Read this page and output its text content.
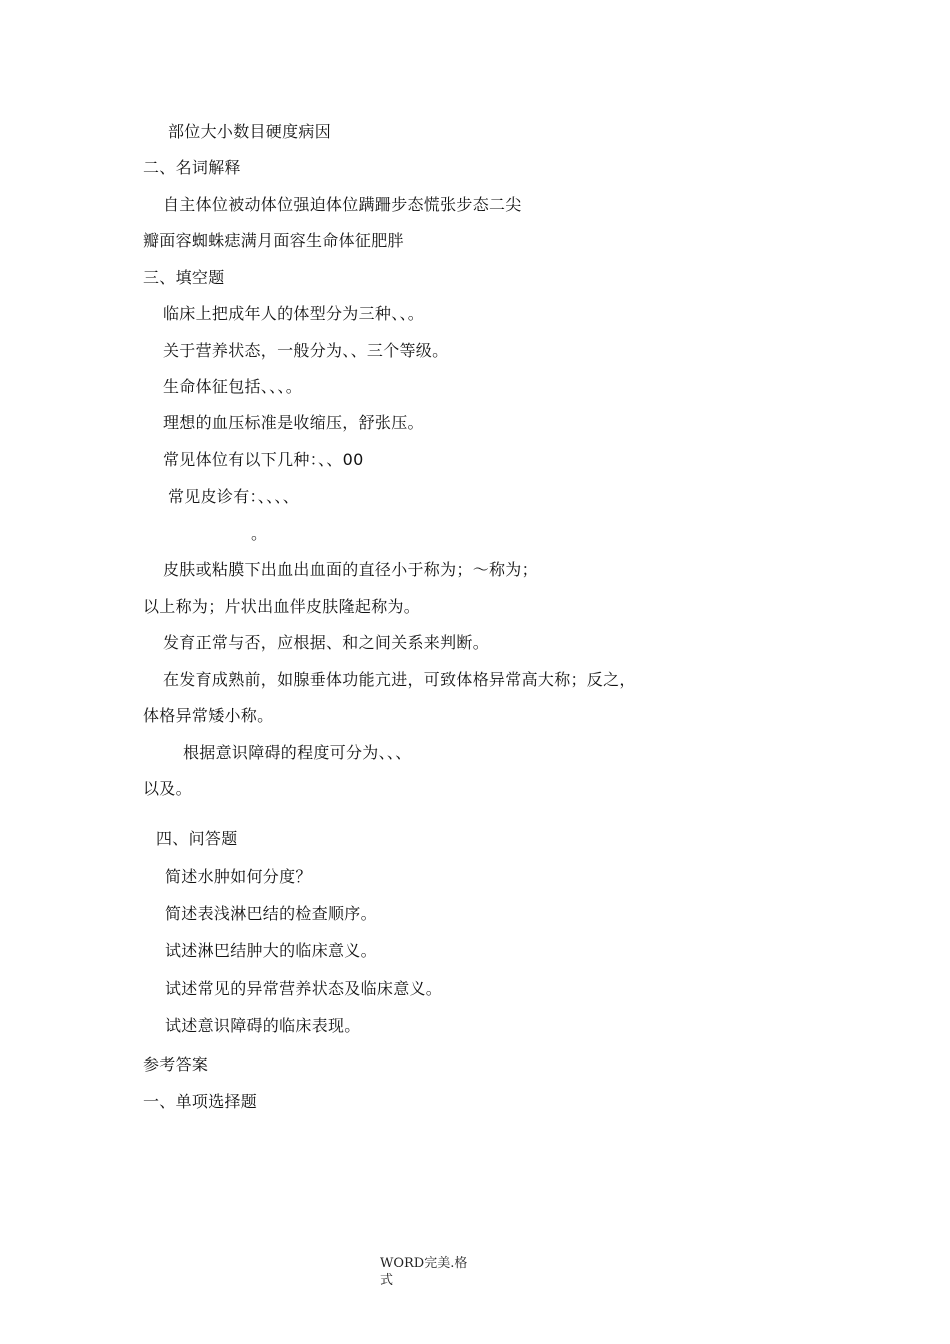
部位大小数目硬度病因
二、名词解释
自主体位被动体位强迫体位蹒跚步态慌张步态二尖
瓣面容蜘蛛痣满月面容生命体征肥胖
三、填空题
临床上把成年人的体型分为三种、、。
关于营养状态，一般分为、、三个等级。
生命体征包括、、、。
理想的血压标准是收缩压，舒张压。
常见体位有以下几种：、、00
常见皮诊有：、、、、
。
皮肤或粘膜下出血出血面的直径小于称为；〜称为；
以上称为；片状出血伴皮肤隆起称为。
发育正常与否，应根据、和之间关系来判断。
在发育成熟前，如腺垂体功能亢进，可致体格异常高大称；反之，
体格异常矮小称。
根据意识障碍的程度可分为、、、
以及。
四、问答题
简述水肿如何分度？
简述表浅淋巴结的检查顺序。
试述淋巴结肿大的临床意义。
试述常见的异常营养状态及临床意义。
试述意识障碍的临床表现。
参考答案
一、单项选择题
WORD完美.格式
